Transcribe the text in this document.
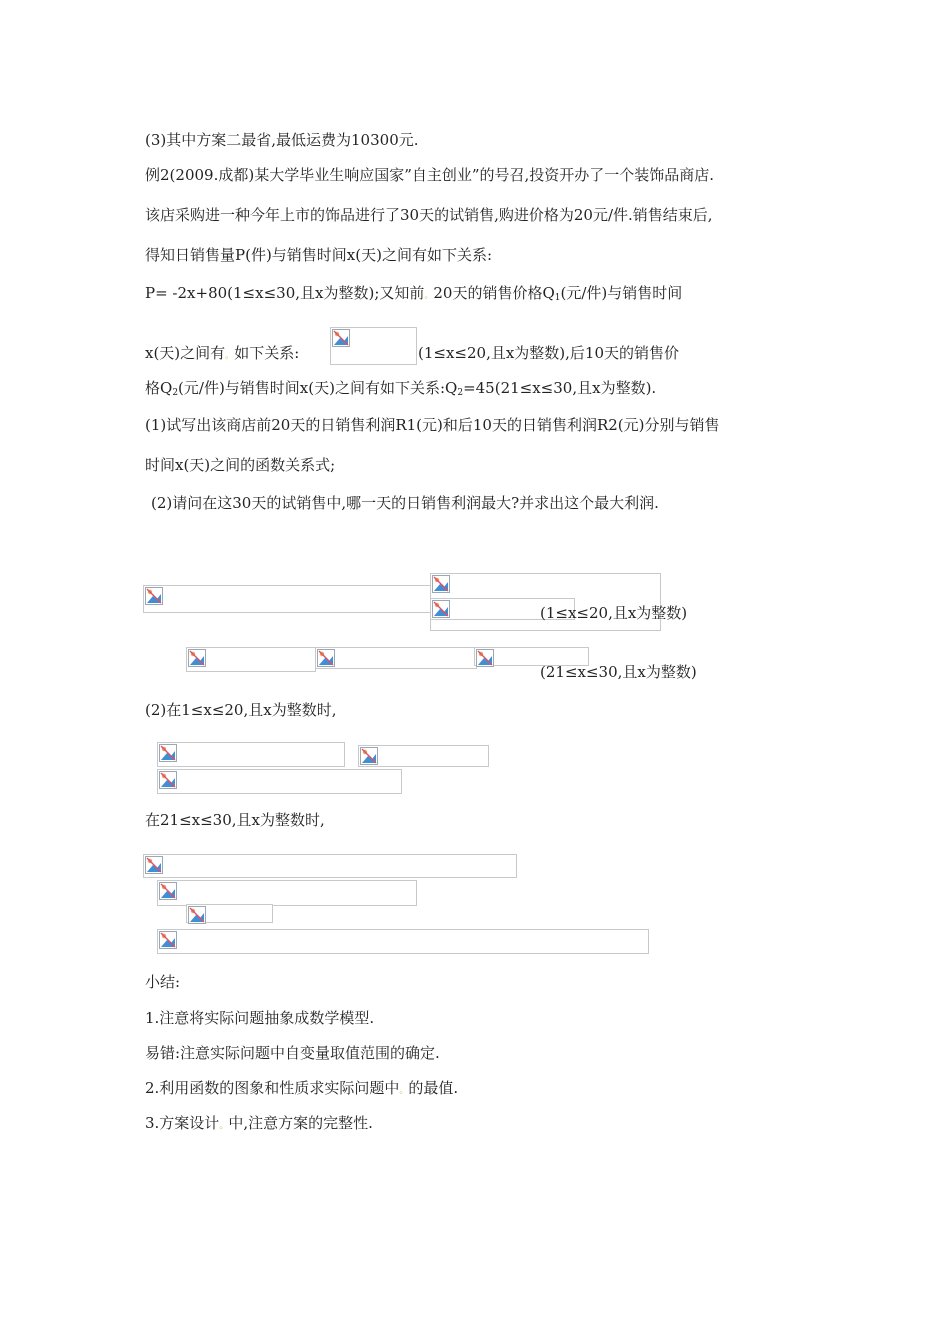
(3)其中方案二最省,最低运费为10300元.
例2(2009.成都)某大学毕业生响应国家”自主创业”的号召,投资开办了一个装饰品商店.
该店采购进一种今年上市的饰品进行了30天的试销售,购进价格为20元/件.销售结束后,
得知日销售量P(件)与销售时间x(天)之间有如下关系:
P= -2x+80(1≤x≤30,且x为整数);又知前。20天的销售价格$Q_1$(元/件)与销售时间
x(天)之间有。如下关系:	(1≤x≤20,且x为整数),后10天的销售价
格$Q_2$(元/件)与销售时间x(天)之间有如下关系$:Q_2=45(21\le x\le 30$,且x为整数).
(1)试写出该商店前20天的日销售利润R1(元)和后10天的日销售利润R2(元)分别与销售
时间x(天)之间的函数关系式;
(2)请问在这30天的试销售中,哪一天的日销售利润最大?并求出这个最大利润.
(1≤x≤20,且x为整数)
(21≤x≤30,且x为整数)
(2)在1≤x≤20,且x为整数时,
在21≤x≤30,且x为整数时,
小结:
1.注意将实际问题抽象成数学模型.
易错:注意实际问题中自变量取值范围的确定.
2.利用函数的图象和性质求实际问题中。的最值.
3.方案设计。中,注意方案的完整性.
